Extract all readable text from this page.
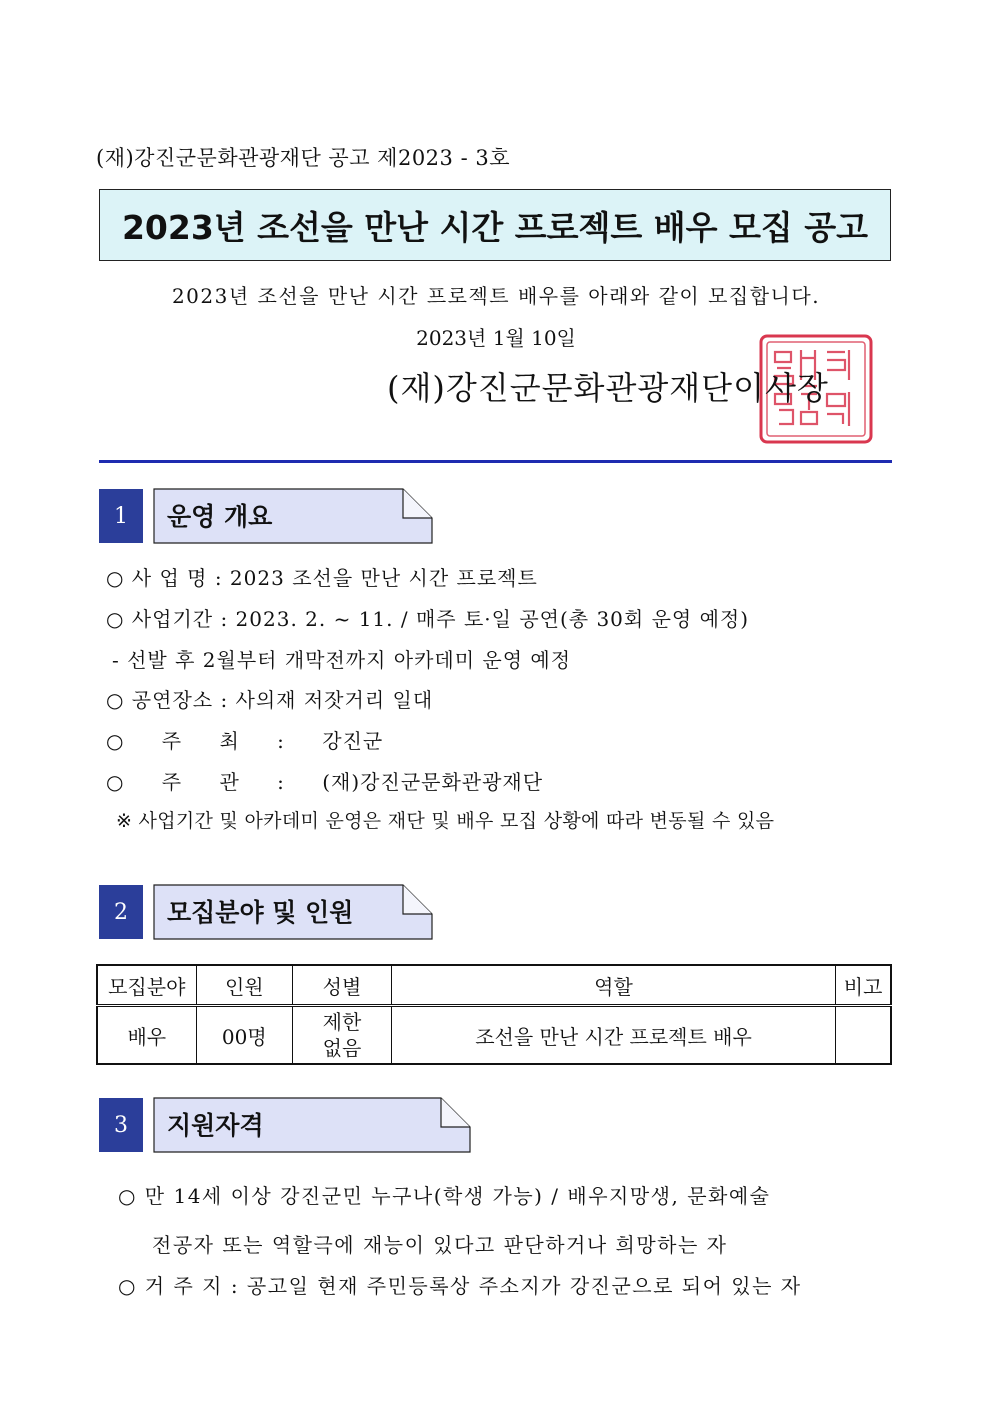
(재)강진군문화관광재단 공고 제2023 - 3호
2023년 조선을 만난 시간 프로젝트 배우 모집 공고
2023년 조선을 만난 시간 프로젝트 배우를 아래와 같이 모집합니다.
2023년 1월 10일
(재)강진군문화관광재단이사장
1	운영 개요
○ 사 업 명 : 2023 조선을 만난 시간 프로젝트
○ 사업기간 : 2023. 2. ~ 11. / 매주 토·일 공연(총 30회 운영 예정)
- 선발 후 2월부터 개막전까지 아카데미 운영 예정
○ 공연장소 : 사의재 저잣거리 일대
○ 주 최 : 강진군
○ 주 관 : (재)강진군문화관광재단
※ 사업기간 및 아카데미 운영은 재단 및 배우 모집 상황에 따라 변동될 수 있음
2	모집분야 및 인원
모집분야	인원	성별	역할	비고
배우	00명	제한 없음	조선을 만난 시간 프로젝트 배우	
3	지원자격
○ 만 14세 이상 강진군민 누구나(학생 가능) / 배우지망생, 문화예술
전공자 또는 역할극에 재능이 있다고 판단하거나 희망하는 자
○ 거 주 지 : 공고일 현재 주민등록상 주소지가 강진군으로 되어 있는 자
